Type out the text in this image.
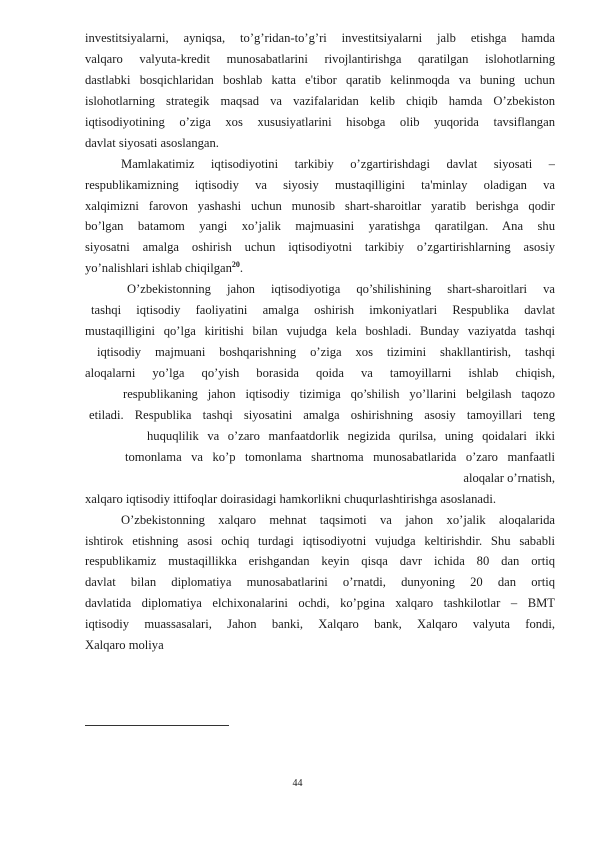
investitsiyalarni, ayniqsa, to’g’ridan-to’g’ri investitsiyalarni jalb etishga hamda
valqaro valyuta-kredit munosabatlarini rivojlantirishga qaratilgan islohotlarning
dastlabki bosqichlaridan boshlab katta e'tibor qaratib kelinmoqda va buning uchun
islohotlarning strategik maqsad va vazifalaridan kelib chiqib hamda O’zbekiston
iqtisodiyotining o’ziga xos xususiyatlarini hisobga olib yuqorida tavsiflangan
davlat siyosati asoslangan.
Mamlakatimiz iqtisodiyotini tarkibiy o’zgartirishdagi davlat siyosati –
respublikamizning iqtisodiy va siyosiy mustaqilligini ta'minlay oladigan va
xalqimizni farovon yashashi uchun munosib shart-sharoitlar yaratib berishga qodir
bo’lgan batamom yangi xo’jalik majmuasini yaratishga qaratilgan. Ana shu
siyosatni amalga oshirish uchun iqtisodiyotni tarkibiy o’zgartirishlarning asosiy
yo’nalishlari ishlab chiqilgan$^{20}$.
O’zbekistonning jahon iqtisodiyotiga qo’shilishining shart-sharoitlari va
tashqi iqtisodiy faoliyatini amalga oshirish imkoniyatlari Respublika davlat
mustaqilligini qo’lga kiritishi bilan vujudga kela boshladi. Bunday vaziyatda tashqi
iqtisodiy majmuani boshqarishning o’ziga xos tizimini shakllantirish, tashqi
aloqalarni yo’lga qo’yish borasida qoida va tamoyillarni ishlab chiqish,
respublikaning jahon iqtisodiy tizimiga qo’shilish yo’llarini belgilash taqozo
etiladi. Respublika tashqi siyosatini amalga oshirishning asosiy tamoyillari teng
huquqlilik va o’zaro manfaatdorlik negizida qurilsa, uning qoidalari ikki
tomonlama va ko’p tomonlama shartnoma munosabatlarida o’zaro manfaatli
aloqalar o’rnatish,
xalqaro iqtisodiy ittifoqlar doirasidagi hamkorlikni chuqurlashtirishga asoslanadi.
O’zbekistonning xalqaro mehnat taqsimoti va jahon xo’jalik aloqalarida
ishtirok etishning asosi ochiq turdagi iqtisodiyotni vujudga keltirishdir. Shu sababli
respublikamiz mustaqillikka erishgandan keyin qisqa davr ichida 80 dan ortiq
davlat bilan diplomatiya munosabatlarini o’rnatdi, dunyoning 20 dan ortiq
davlatida diplomatiya elchixonalarini ochdi, ko’pgina xalqaro tashkilotlar – BMT
iqtisodiy muassasalari, Jahon banki, Xalqaro bank, Xalqaro valyuta fondi,
Xalqaro moliya
44
